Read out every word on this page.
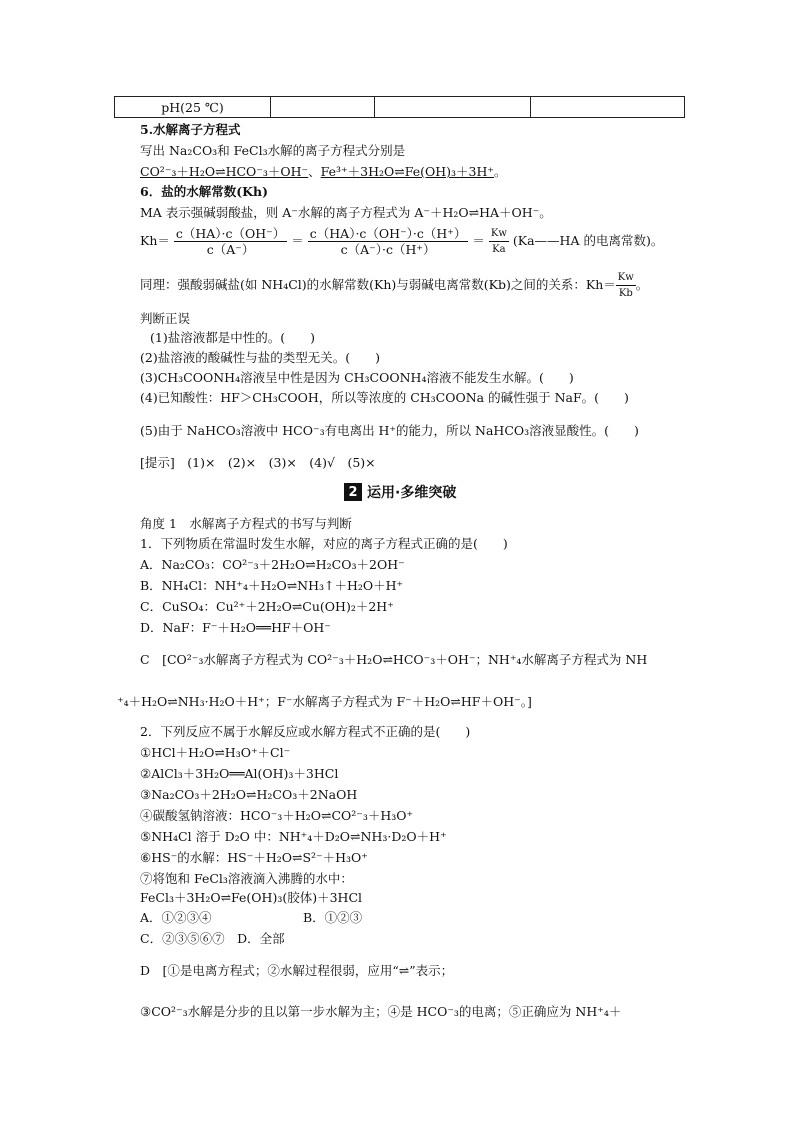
pH(25 ℃)			
5.水解离子方程式
写出 Na₂CO₃和 FeCl₃水解的离子方程式分别是
CO²⁻₃＋H₂O⇌HCO⁻₃＋OH⁻、Fe³⁺＋3H₂O⇌Fe(OH)₃＋3H⁺。
6．盐的水解常数(Kh)
MA 表示强碱弱酸盐，则 A⁻水解的离子方程式为 A⁻＋H₂O⇌HA＋OH⁻。
$Kh= \frac{c(HA)\cdot c(OH^-)}{c(A^-)} = \frac{c(HA)\cdot c(OH^-)\cdot c(H^+)}{c(A^-)\cdot c(H^+)} = \frac{Kw}{Ka}$ (Ka——HA 的电离常数)。
同理：强酸弱碱盐(如 NH₄Cl)的水解常数(Kh)与弱碱电离常数(Kb)之间的关系：$Kh= \frac{Kw}{Kb}$ 。
判断正误
(1)盐溶液都是中性的。(　　)
(2)盐溶液的酸碱性与盐的类型无关。(　　)
(3)CH₃COONH₄溶液呈中性是因为 CH₃COONH₄溶液不能发生水解。(　　)
(4)已知酸性：HF＞CH₃COOH，所以等浓度的 CH₃COONa 的碱性强于 NaF。(　　)
(5)由于 NaHCO₃溶液中 HCO⁻₃有电离出 H⁺的能力，所以 NaHCO₃溶液显酸性。(　　)
[提示]　(1)×　(2)×　(3)×　(4)√　(5)×
2 运用·多维突破
角度 1　水解离子方程式的书写与判断
1．下列物质在常温时发生水解，对应的离子方程式正确的是(　　)
A．Na₂CO₃：CO²⁻₃＋2H₂O⇌H₂CO₃＋2OH⁻
B．NH₄Cl：NH⁺₄＋H₂O⇌NH₃↑＋H₂O＋H⁺
C．CuSO₄：Cu²⁺＋2H₂O⇌Cu(OH)₂＋2H⁺
D．NaF：F⁻＋H₂O══HF＋OH⁻
C　[CO²⁻₃水解离子方程式为 CO²⁻₃＋H₂O⇌HCO⁻₃＋OH⁻；NH⁺₄水解离子方程式为 NH
⁺₄＋H₂O⇌NH₃·H₂O＋H⁺；F⁻水解离子方程式为 F⁻＋H₂O⇌HF＋OH⁻。]
2．下列反应不属于水解反应或水解方程式不正确的是(　　)
①HCl＋H₂O⇌H₃O⁺＋Cl⁻
②AlCl₃＋3H₂O══Al(OH)₃＋3HCl
③Na₂CO₃＋2H₂O⇌H₂CO₃＋2NaOH
④碳酸氢钠溶液：HCO⁻₃＋H₂O⇌CO²⁻₃＋H₃O⁺
⑤NH₄Cl 溶于 D₂O 中：NH⁺₄＋D₂O⇌NH₃·D₂O＋H⁺
⑥HS⁻的水解：HS⁻＋H₂O⇌S²⁻＋H₃O⁺
⑦将饱和 FeCl₃溶液滴入沸腾的水中：
FeCl₃＋3H₂O⇌Fe(OH)₃(胶体)＋3HCl
A．①②③④	B．①②③
C．②③⑤⑥⑦　D．全部
D　[①是电离方程式；②水解过程很弱，应用“⇌”表示；
③CO²⁻₃水解是分步的且以第一步水解为主；④是 HCO⁻₃的电离；⑤正确应为 NH⁺₄＋
